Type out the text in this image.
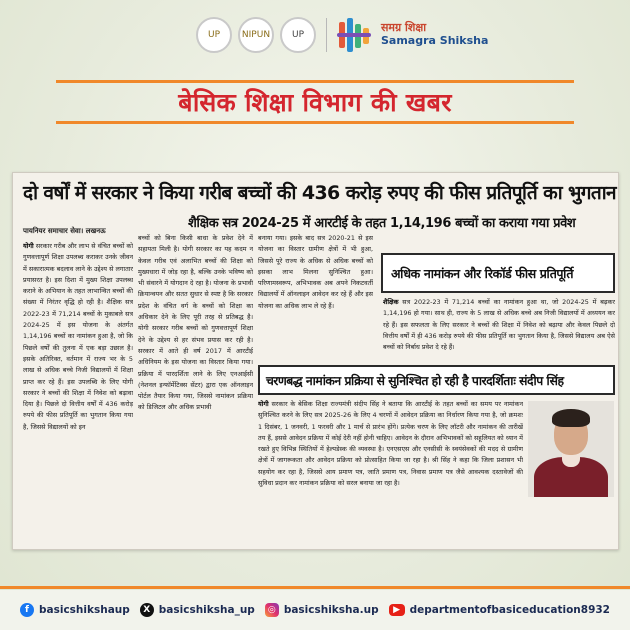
UP NIPUN UP
समग्र शिक्षा
Samagra Shiksha
बेसिक शिक्षा विभाग की खबर
दो वर्षों में सरकार ने किया गरीब बच्चों की 436 करोड़ रुपए की फीस प्रतिपूर्ति का भुगतान
शैक्षिक सत्र 2024-25 में आरटीई के तहत 1,14,196 बच्चों का कराया गया प्रवेश
पायनियर समाचार सेवा। लखनऊ
योगी सरकार गरीब और लाभ से वंचित बच्चों को गुणवत्तापूर्ण शिक्षा उपलब्ध कराकर उनके जीवन में सकारात्मक बदलाव लाने के उद्देश्य से लगातार प्रयासरत है। इस दिशा में मुख्य शिक्षा उपलब्ध कराने के अभियान के तहत लाभान्वित बच्चों की संख्या में निरंतर वृद्धि हो रही है। शैक्षिक सत्र 2022-23 में 71,214 बच्चों के मुकाबले सत्र 2024-25 में इस योजना के अंतर्गत 1,14,196 बच्चों का नामांकन हुआ है, जो कि पिछले वर्षों की तुलना में एक बड़ा उछाल है। इसके अतिरिक्त, वर्तमान में राज्य भर के 5 लाख से अधिक बच्चे निजी विद्यालयों में शिक्षा प्राप्त कर रहे हैं। इस उपलब्धि के लिए योगी सरकार ने बच्चों की शिक्षा में निवेश को बढ़ावा दिया है। पिछले दो वित्तीय वर्षों में 436 करोड़ रुपये की फीस प्रतिपूर्ति का भुगतान किया गया है, जिससे विद्यालयों को इन
बच्चों को बिना किसी बाधा के प्रवेश देने में सहायता मिली है। योगी सरकार का यह कदम न केवल गरीब एवं अलाभित बच्चों की शिक्षा को मुख्यधारा में जोड़ रहा है, बल्कि उनके भविष्य को भी संवारने में योगदान दे रहा है। योजना के प्रभावी क्रियान्वयन और सतत सुधार से स्पष्ट है कि सरकार प्रदेश के वंचित वर्ग के बच्चों को शिक्षा का अधिकार देने के लिए पूरी तरह से प्रतिबद्ध है। योगी सरकार गरीब बच्चों को गुणवत्तापूर्ण शिक्षा देने के उद्देश्य से हर संभव प्रयास कर रही है। सरकार में आते ही वर्ष 2017 में आरटीई अधिनियम के इस योजना का विस्तार किया गया। प्रक्रिया में पारदर्शिता लाने के लिए एनआईसी (नेशनल इन्फॉर्मेटिक्स सेंटर) द्वारा एक ऑनलाइन पोर्टल तैयार किया गया, जिससे नामांकन प्रक्रिया को डिजिटल और अधिक प्रभावी
बनाया गया। इसके बाद सत्र 2020-21 से इस योजना का विस्तार ग्रामीण क्षेत्रों में भी हुआ, जिससे पूरे राज्य के अधिक से अधिक बच्चों को इसका लाभ मिलना सुनिश्चित हुआ। परिणामस्वरूप, अभिभावक अब अपने निकटवर्ती विद्यालयों में ऑनलाइन आवेदन कर रहे हैं और इस योजना का अधिक लाभ ले रहे हैं।
अधिक नामांकन और रिकॉर्ड फीस प्रतिपूर्ति
शैक्षिक सत्र 2022-23 में 71,214 बच्चों का नामांकन हुआ था, जो 2024-25 में बढ़कर 1,14,196 हो गया। साथ ही, राज्य के 5 लाख से अधिक बच्चे अब निजी विद्यालयों में अध्ययन कर रहे हैं। इस सफलता के लिए सरकार ने बच्चों की शिक्षा में निवेश को बढ़ाया और केवल पिछले दो वित्तीय वर्षों में ही 436 करोड़ रुपये की फीस प्रतिपूर्ति का भुगतान किया है, जिससे विद्यालय अब ऐसे बच्चों को निर्बाध प्रवेश दे रहे हैं।
चरणबद्ध नामांकन प्रक्रिया से सुनिश्चित हो रही है पारदर्शिताः संदीप सिंह
योगी सरकार के बेसिक शिक्षा राज्यमंत्री संदीप सिंह ने बताया कि आरटीई के तहत बच्चों का समय पर नामांकन सुनिश्चित करने के लिए सत्र 2025-26 के लिए 4 चरणों में आवेदन प्रक्रिया का निर्धारण किया गया है, जो क्रमशः 1 दिसंबर, 1 जनवरी, 1 फरवरी और 1 मार्च से प्रारंभ होंगे। प्रत्येक चरण के लिए लॉटरी और नामांकन की तारीखें तय हैं, इससे आवेदन प्रक्रिया में कोई देरी नहीं होनी चाहिए। आवेदन के दौरान अभिभावकों को सहूलियत को ध्यान में रखते हुए विभिन्न स्थितियों में हेल्पडेस्क की व्यवस्था है। एनएसएस और एनसीसी के स्वयंसेवकों की मदद से ग्रामीण क्षेत्रों में जागरूकता और आवेदन प्रक्रिया को प्रोत्साहित किया जा रहा है। श्री सिंह ने कहा कि जिला प्रशासन भी सहयोग कर रहा है, जिससे आय प्रमाण पत्र, जाति प्रमाण पत्र, निवास प्रमाण पत्र जैसे आवश्यक दस्तावेजों की सुविधा प्रदान कर नामांकन प्रक्रिया को सरल बनाया जा रहा है।
f basicshikshaup	X basicshiksha_up	◎ basicshiksha.up	▶ departmentofbasiceducation8932
